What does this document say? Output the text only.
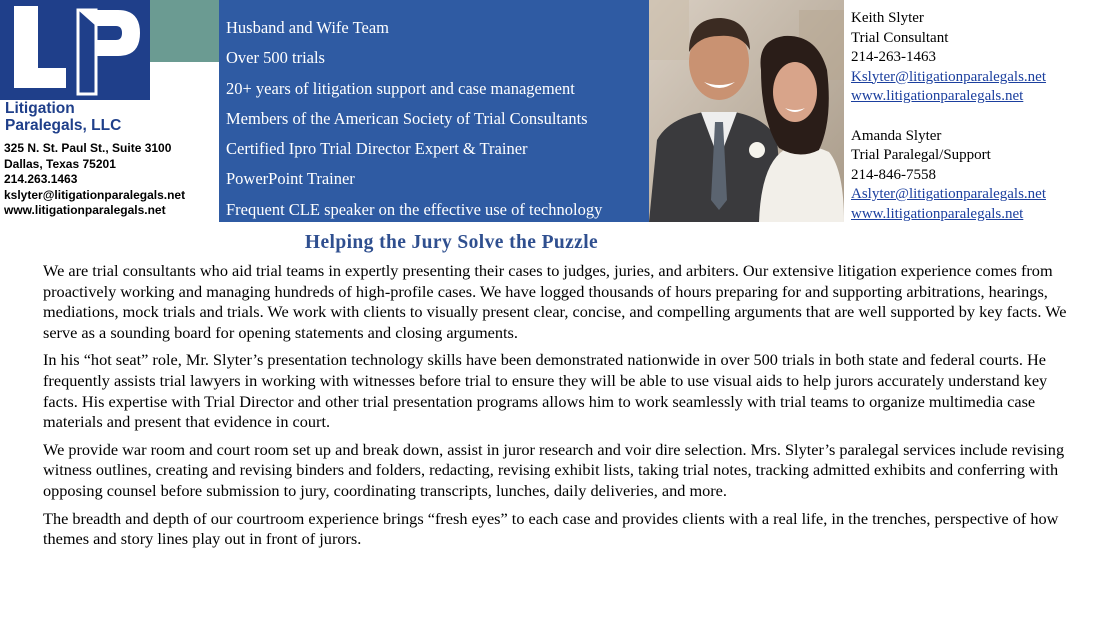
Litigation
Paralegals, LLC
325 N. St. Paul St., Suite 3100
Dallas, Texas 75201
214.263.1463
kslyter@litigationparalegals.net
www.litigationparalegals.net
Husband and Wife Team
Over 500 trials
20+ years of litigation support and case management
Members of the American Society of Trial Consultants
Certified Ipro Trial Director Expert & Trainer
PowerPoint Trainer
Frequent CLE speaker on the effective use of technology
Keith Slyter
Trial Consultant
214-263-1463
Kslyter@litigationparalegals.net
www.litigationparalegals.net
Amanda Slyter
Trial Paralegal/Support
214-846-7558
Aslyter@litigationparalegals.net
www.litigationparalegals.net
Helping the Jury Solve the Puzzle

We are trial consultants who aid trial teams in expertly presenting their cases to judges, juries, and arbiters. Our extensive litigation experience comes from proactively working and managing hundreds of high-profile cases. We have logged thousands of hours preparing for and supporting arbitrations, hearings, mediations, mock trials and trials. We work with clients to visually present clear, concise, and compelling arguments that are well supported by key facts. We serve as a sounding board for opening statements and closing arguments.

In his “hot seat” role, Mr. Slyter’s presentation technology skills have been demonstrated nationwide in over 500 trials in both state and federal courts. He frequently assists trial lawyers in working with witnesses before trial to ensure they will be able to use visual aids to help jurors accurately understand key facts. His expertise with Trial Director and other trial presentation programs allows him to work seamlessly with trial teams to organize multimedia case materials and present that evidence in court.

We provide war room and court room set up and break down, assist in juror research and voir dire selection. Mrs. Slyter’s paralegal services include revising witness outlines, creating and revising binders and folders, redacting, revising exhibit lists, taking trial notes, tracking admitted exhibits and conferring with opposing counsel before submission to jury, coordinating transcripts, lunches, daily deliveries, and more.

The breadth and depth of our courtroom experience brings “fresh eyes” to each case and provides clients with a real life, in the trenches, perspective of how themes and story lines play out in front of jurors.
